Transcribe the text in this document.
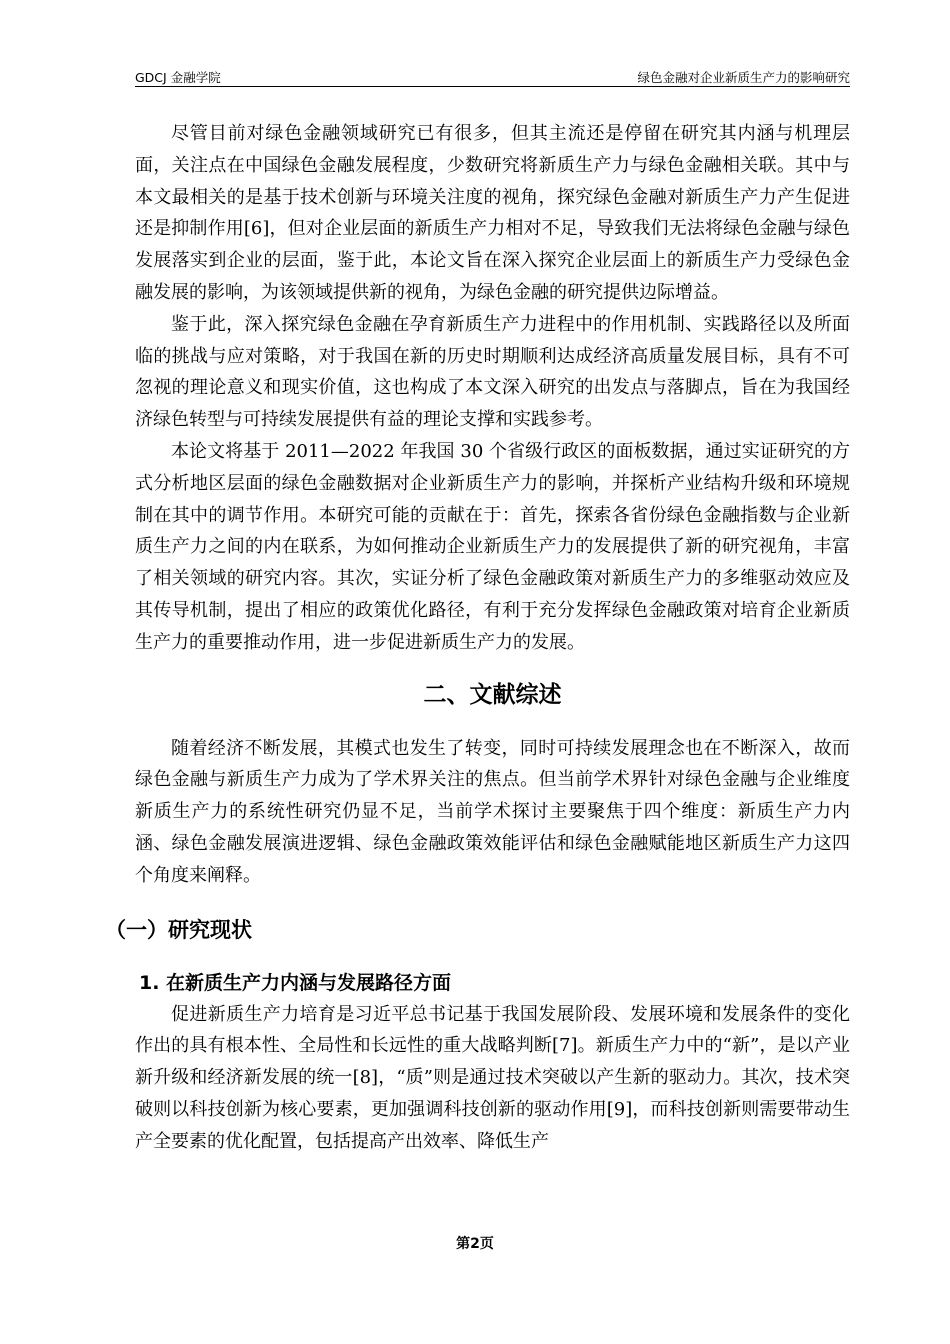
GDCJ 金融学院	绿色金融对企业新质生产力的影响研究

尽管目前对绿色金融领域研究已有很多，但其主流还是停留在研究其内涵与机理层面，关注点在中国绿色金融发展程度，少数研究将新质生产力与绿色金融相关联。其中与本文最相关的是基于技术创新与环境关注度的视角，探究绿色金融对新质生产力产生促进还是抑制作用[6]，但对企业层面的新质生产力相对不足，导致我们无法将绿色金融与绿色发展落实到企业的层面，鉴于此，本论文旨在深入探究企业层面上的新质生产力受绿色金融发展的影响，为该领域提供新的视角，为绿色金融的研究提供边际增益。

鉴于此，深入探究绿色金融在孕育新质生产力进程中的作用机制、实践路径以及所面临的挑战与应对策略，对于我国在新的历史时期顺利达成经济高质量发展目标，具有不可忽视的理论意义和现实价值，这也构成了本文深入研究的出发点与落脚点，旨在为我国经济绿色转型与可持续发展提供有益的理论支撑和实践参考。

本论文将基于 2011—2022 年我国 30 个省级行政区的面板数据，通过实证研究的方式分析地区层面的绿色金融数据对企业新质生产力的影响，并探析产业结构升级和环境规制在其中的调节作用。本研究可能的贡献在于：首先，探索各省份绿色金融指数与企业新质生产力之间的内在联系，为如何推动企业新质生产力的发展提供了新的研究视角，丰富了相关领域的研究内容。其次，实证分析了绿色金融政策对新质生产力的多维驱动效应及其传导机制，提出了相应的政策优化路径，有利于充分发挥绿色金融政策对培育企业新质生产力的重要推动作用，进一步促进新质生产力的发展。

二、文献综述

随着经济不断发展，其模式也发生了转变，同时可持续发展理念也在不断深入，故而绿色金融与新质生产力成为了学术界关注的焦点。但当前学术界针对绿色金融与企业维度新质生产力的系统性研究仍显不足，当前学术探讨主要聚焦于四个维度：新质生产力内涵、绿色金融发展演进逻辑、绿色金融政策效能评估和绿色金融赋能地区新质生产力这四个角度来阐释。

（一）研究现状
1. 在新质生产力内涵与发展路径方面

促进新质生产力培育是习近平总书记基于我国发展阶段、发展环境和发展条件的变化作出的具有根本性、全局性和长远性的重大战略判断[7]。新质生产力中的“新”，是以产业新升级和经济新发展的统一[8]，“质”则是通过技术突破以产生新的驱动力。其次，技术突破则以科技创新为核心要素，更加强调科技创新的驱动作用[9]，而科技创新则需要带动生产全要素的优化配置，包括提高产出效率、降低生产

第2页
